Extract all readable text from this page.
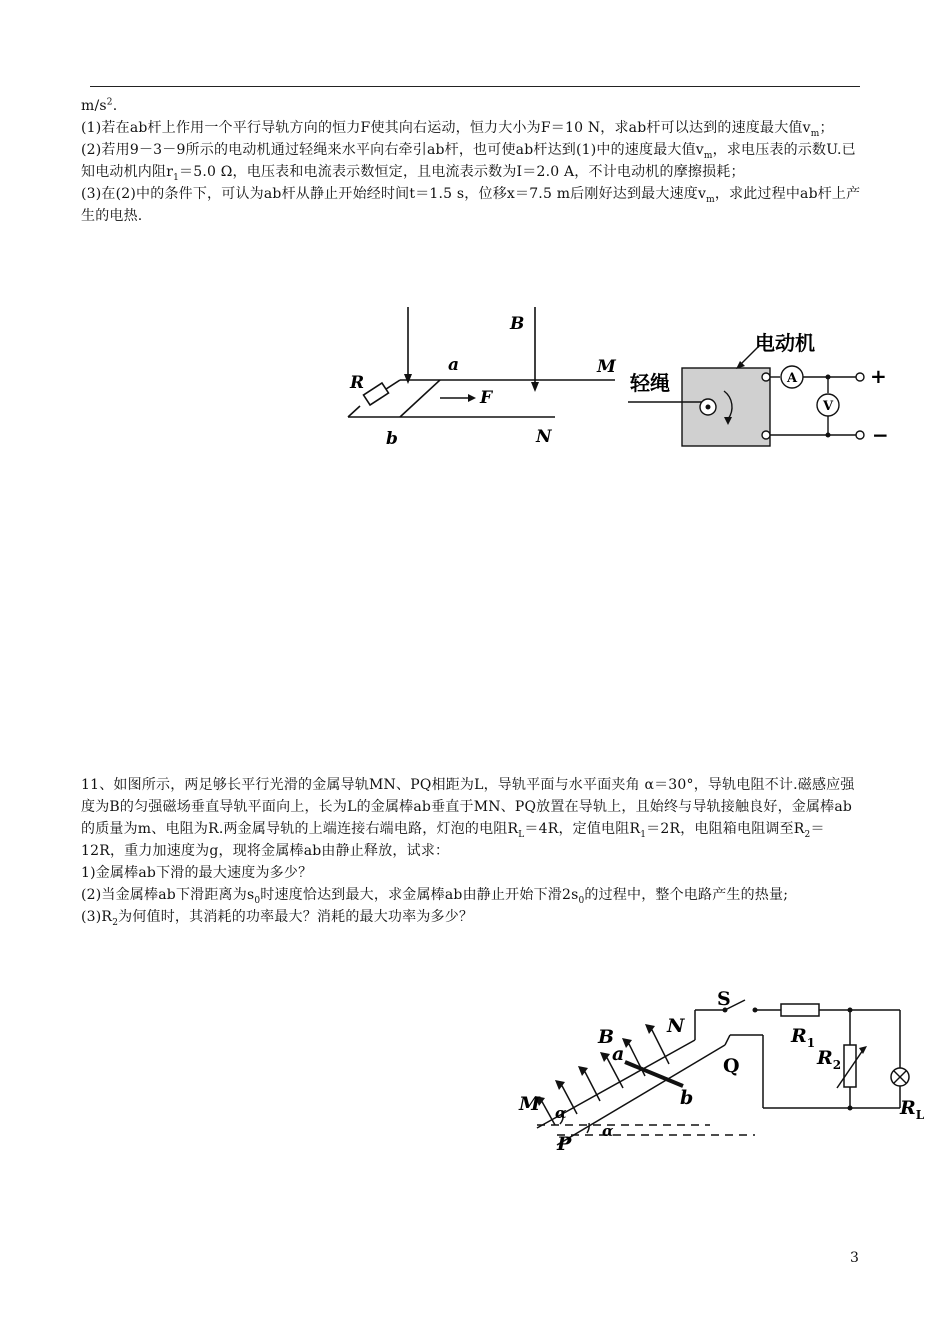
$m/s^2$.

(1)若在ab杆上作用一个平行导轨方向的恒力F使其向右运动，恒力大小为F＝10 N，求ab杆可以达到的速度最大值$v_m$；

(2)若用9－3－9所示的电动机通过轻绳来水平向右牵引ab杆，也可使ab杆达到(1)中的速度最大值$v_m$，求电压表的示数U.已知电动机内阻$r_1=5.0$ Ω，电压表和电流表示数恒定，且电流表示数为I＝2.0 A，不计电动机的摩擦损耗；

(3)在(2)中的条件下，可认为ab杆从静止开始经时间t＝1.5 s，位移x＝7.5 m后刚好达到最大速度$v_m$，求此过程中ab杆上产生的电热.

R
a
b
B
M
N
F
电动机
轻绳	A
V
+
−

11、如图所示，两足够长平行光滑的金属导轨MN、PQ相距为L，导轨平面与水平面夹角 α＝30°，导轨电阻不计.磁感应强度为B的匀强磁场垂直导轨平面向上，长为L的金属棒ab垂直于MN、PQ放置在导轨上，且始终与导轨接触良好，金属棒ab的质量为m、电阻为R.两金属导轨的上端连接右端电路，灯泡的电阻$R_L=4R$，定值电阻$R_1=2R$，电阻箱电阻调至$R_2=12R$，重力加速度为g，现将金属棒ab由静止释放，试求：

1)金属棒ab下滑的最大速度为多少？

(2)当金属棒ab下滑距离为$s_0$时速度恰达到最大，求金属棒ab由静止开始下滑$2s_0$的过程中，整个电路产生的热量;

$(3)R_2$为何值时，其消耗的功率最大？消耗的最大功率为多少？

S
Q
N
B
a
b
M
P
α
α
$R_1$
$R_2$
$R_L$
3
